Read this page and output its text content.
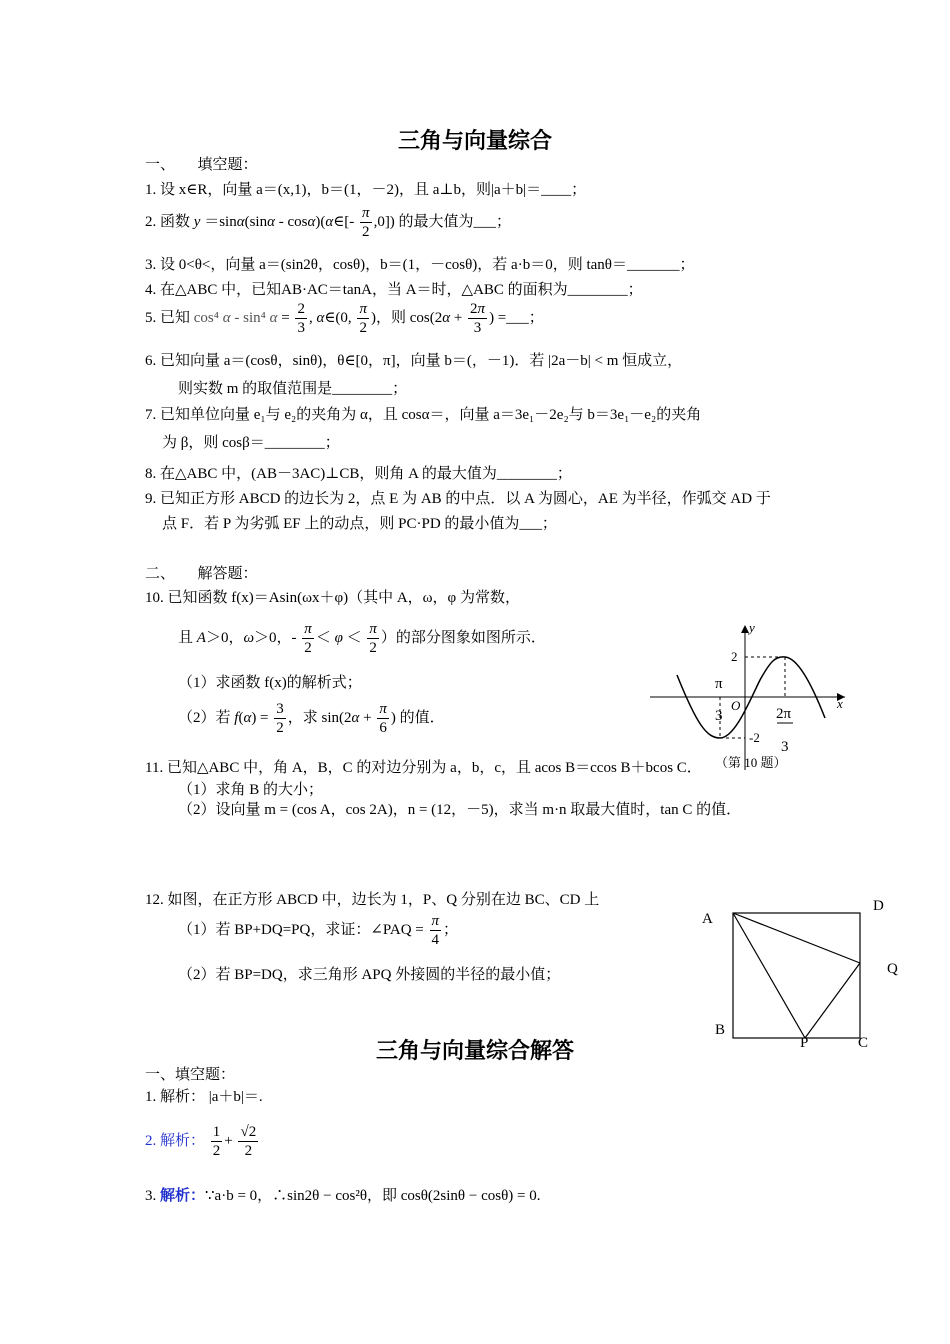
三角与向量综合
一、　　填空题：
1. 设 x∈R，向量 a＝(x,1)，b＝(1，－2)，且 a⊥b，则|a＋b|＝____；
2. 函数 y ＝sinα(sinα - cosα)(α∈[- $\frac{\pi}{2} ,0$]) 的最大值为___；
3. 设 0<θ<，向量 a＝(sin2θ，cosθ)，b＝(1，－cosθ)，若 a·b＝0，则 tanθ＝_______；
4. 在△ABC 中，已知AB·AC＝tanA，当 A＝时，△ABC 的面积为________；
5. 已知 cos⁴ α - sin⁴ $\alpha = \frac{2}{3}$ , α∈(0, $\frac{\pi}{2}$ )，则 $\cos(2\alpha + \frac{2\pi}{3}$ ) =___；
6. 已知向量 a＝(cosθ，sinθ)，θ∈[0，π]，向量 b＝(，－1)．若 |2a－b| < m 恒成立，
则实数 m 的取值范围是________；
7. 已知单位向量 e₁与 e₂的夹角为 α，且 cosα＝，向量 a＝3e₁－2e₂与 b＝3e₁－e₂的夹角
为 β，则 cosβ＝________；
8. 在△ABC 中，(AB－3AC)⊥CB，则角 A 的最大值为________；
9. 已知正方形 ABCD 的边长为 2，点 E 为 AB 的中点．以 A 为圆心，AE 为半径，作弧交 AD 于
点 F．若 P 为劣弧 EF 上的动点，则 PC·PD 的最小值为___；
二、　　解答题：
10. 已知函数 f(x)＝Asin(ωx＋φ)（其中 A，ω，φ 为常数，
且 A＞0，ω＞0，- $\frac{\pi}{2} < \varphi < \frac{\pi}{2}$ ）的部分图象如图所示．
（1）求函数 f(x)的解析式；
（2）若 $f(\alpha) = \frac{3}{2}$ ，求 $\sin(2\alpha + \frac{\pi}{6}$ ) 的值．
y
x
O
2
-2
π
3	2π
3
（第 10 题）
11. 已知△ABC 中，角 A，B，C 的对边分别为 a，b，c，且 acos B＝ccos B＋bcos C．
（1）求角 B 的大小；
（2）设向量 m = (cos A，cos 2A)，n = (12，－5)，求当 m·n 取最大值时，tan C 的值．
12. 如图，在正方形 ABCD 中，边长为 1，P、Q 分别在边 BC、CD 上
（1）若 BP+DQ=PQ，求证：∠PAQ = $\frac{\pi}{4}$ ；
（2）若 BP=DQ，求三角形 APQ 外接圆的半径的最小值；
A
D
Q
B
C
P
三角与向量综合解答
一、填空题：
1. 解析： |a＋b|＝.
2. 解析： $\frac{1}{2} + \frac{√2}{2}$
3. 解析：∵a·b = 0，∴sin2θ − cos²θ，即 cosθ(2sinθ − cosθ) = 0.
